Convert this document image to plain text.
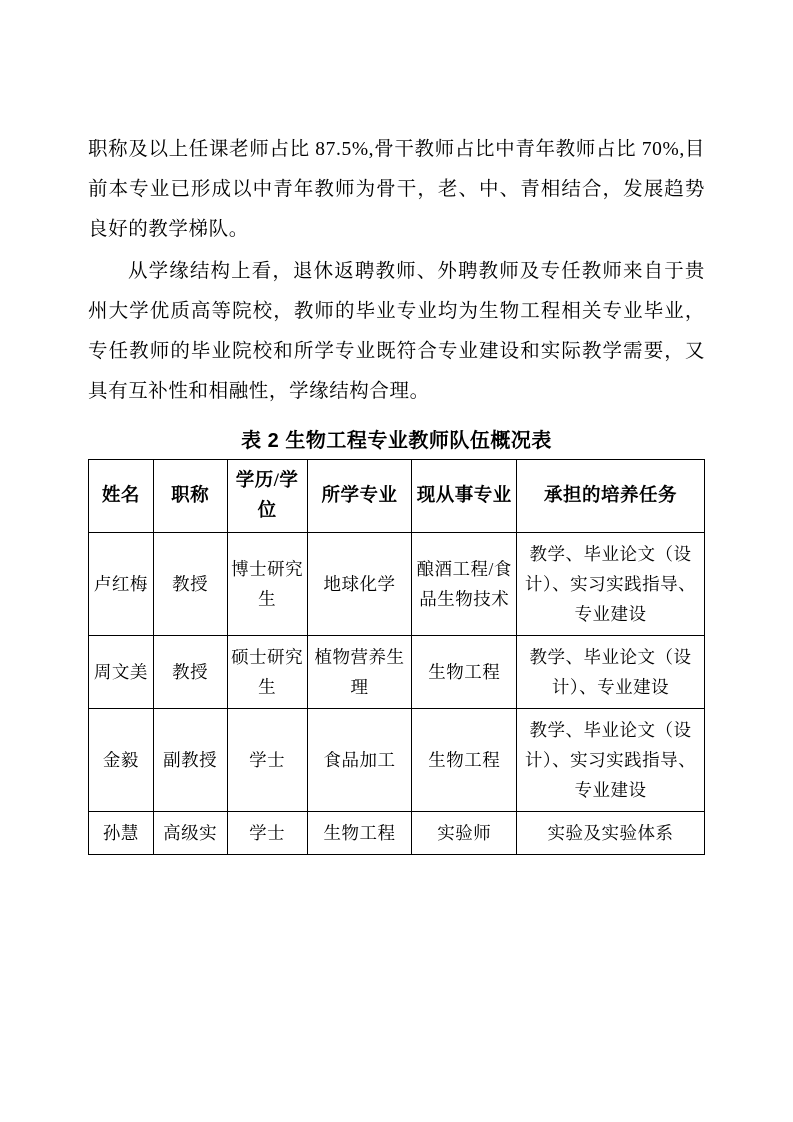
职称及以上任课老师占比 87.5%,骨干教师占比中青年教师占比 70%,目前本专业已形成以中青年教师为骨干，老、中、青相结合，发展趋势良好的教学梯队。

从学缘结构上看，退休返聘教师、外聘教师及专任教师来自于贵州大学优质高等院校，教师的毕业专业均为生物工程相关专业毕业，专任教师的毕业院校和所学专业既符合专业建设和实际教学需要，又具有互补性和相融性，学缘结构合理。

表 2 生物工程专业教师队伍概况表
姓名	职称	学历/学位	所学专业	现从事专业	承担的培养任务
卢红梅	教授	博士研究生	地球化学	酿酒工程/食品生物技术	教学、毕业论文（设计）、实习实践指导、专业建设
周文美	教授	硕士研究生	植物营养生理	生物工程	教学、毕业论文（设计）、专业建设
金毅	副教授	学士	食品加工	生物工程	教学、毕业论文（设计）、实习实践指导、专业建设
孙慧	高级实	学士	生物工程	实验师	实验及实验体系
